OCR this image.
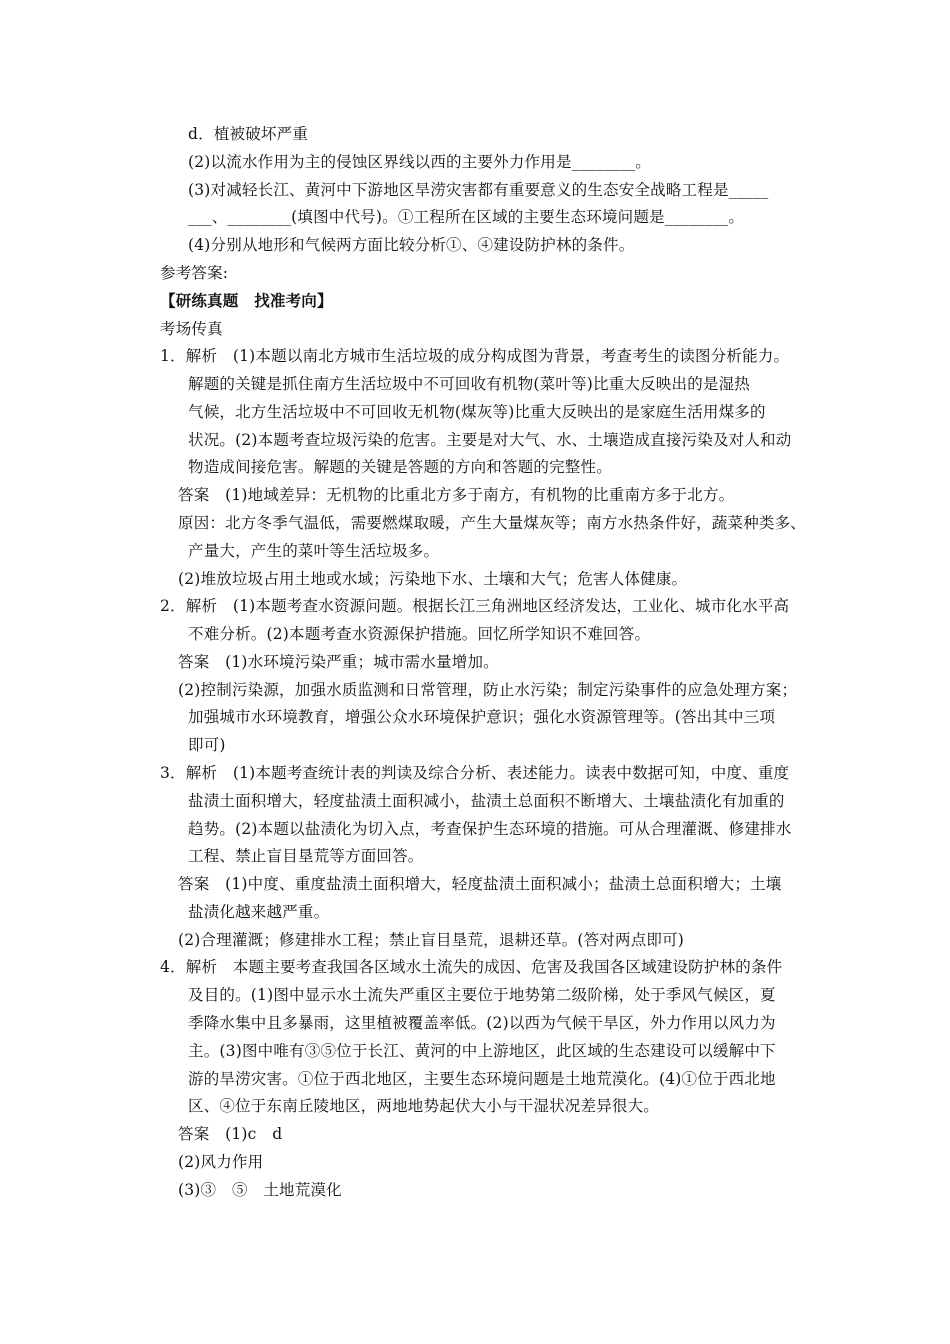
d．植被破坏严重
(2)以流水作用为主的侵蚀区界线以西的主要外力作用是________。
(3)对减轻长江、黄河中下游地区旱涝灾害都有重要意义的生态安全战略工程是_____
___、________(填图中代号)。①工程所在区域的主要生态环境问题是________。
(4)分别从地形和气候两方面比较分析①、④建设防护林的条件。
参考答案:
【研练真题　找准考向】
考场传真
1．解析　(1)本题以南北方城市生活垃圾的成分构成图为背景，考查考生的读图分析能力。
解题的关键是抓住南方生活垃圾中不可回收有机物(菜叶等)比重大反映出的是湿热
气候，北方生活垃圾中不可回收无机物(煤灰等)比重大反映出的是家庭生活用煤多的
状况。(2)本题考查垃圾污染的危害。主要是对大气、水、土壤造成直接污染及对人和动
物造成间接危害。解题的关键是答题的方向和答题的完整性。
答案　(1)地域差异：无机物的比重北方多于南方，有机物的比重南方多于北方。
原因：北方冬季气温低，需要燃煤取暖，产生大量煤灰等；南方水热条件好，蔬菜种类多、
产量大，产生的菜叶等生活垃圾多。
(2)堆放垃圾占用土地或水域；污染地下水、土壤和大气；危害人体健康。
2．解析　(1)本题考查水资源问题。根据长江三角洲地区经济发达，工业化、城市化水平高
不难分析。(2)本题考查水资源保护措施。回忆所学知识不难回答。
答案　(1)水环境污染严重；城市需水量增加。
(2)控制污染源，加强水质监测和日常管理，防止水污染；制定污染事件的应急处理方案；
加强城市水环境教育，增强公众水环境保护意识；强化水资源管理等。(答出其中三项
即可)
3．解析　(1)本题考查统计表的判读及综合分析、表述能力。读表中数据可知，中度、重度
盐渍土面积增大，轻度盐渍土面积减小，盐渍土总面积不断增大、土壤盐渍化有加重的
趋势。(2)本题以盐渍化为切入点，考查保护生态环境的措施。可从合理灌溉、修建排水
工程、禁止盲目垦荒等方面回答。
答案　(1)中度、重度盐渍土面积增大，轻度盐渍土面积减小；盐渍土总面积增大；土壤
盐渍化越来越严重。
(2)合理灌溉；修建排水工程；禁止盲目垦荒，退耕还草。(答对两点即可)
4．解析　本题主要考查我国各区域水土流失的成因、危害及我国各区域建设防护林的条件
及目的。(1)图中显示水土流失严重区主要位于地势第二级阶梯，处于季风气候区，夏
季降水集中且多暴雨，这里植被覆盖率低。(2)以西为气候干旱区，外力作用以风力为
主。(3)图中唯有③⑤位于长江、黄河的中上游地区，此区域的生态建设可以缓解中下
游的旱涝灾害。①位于西北地区，主要生态环境问题是土地荒漠化。(4)①位于西北地
区、④位于东南丘陵地区，两地地势起伏大小与干湿状况差异很大。
答案　(1)c　d
(2)风力作用
(3)③　⑤　土地荒漠化
